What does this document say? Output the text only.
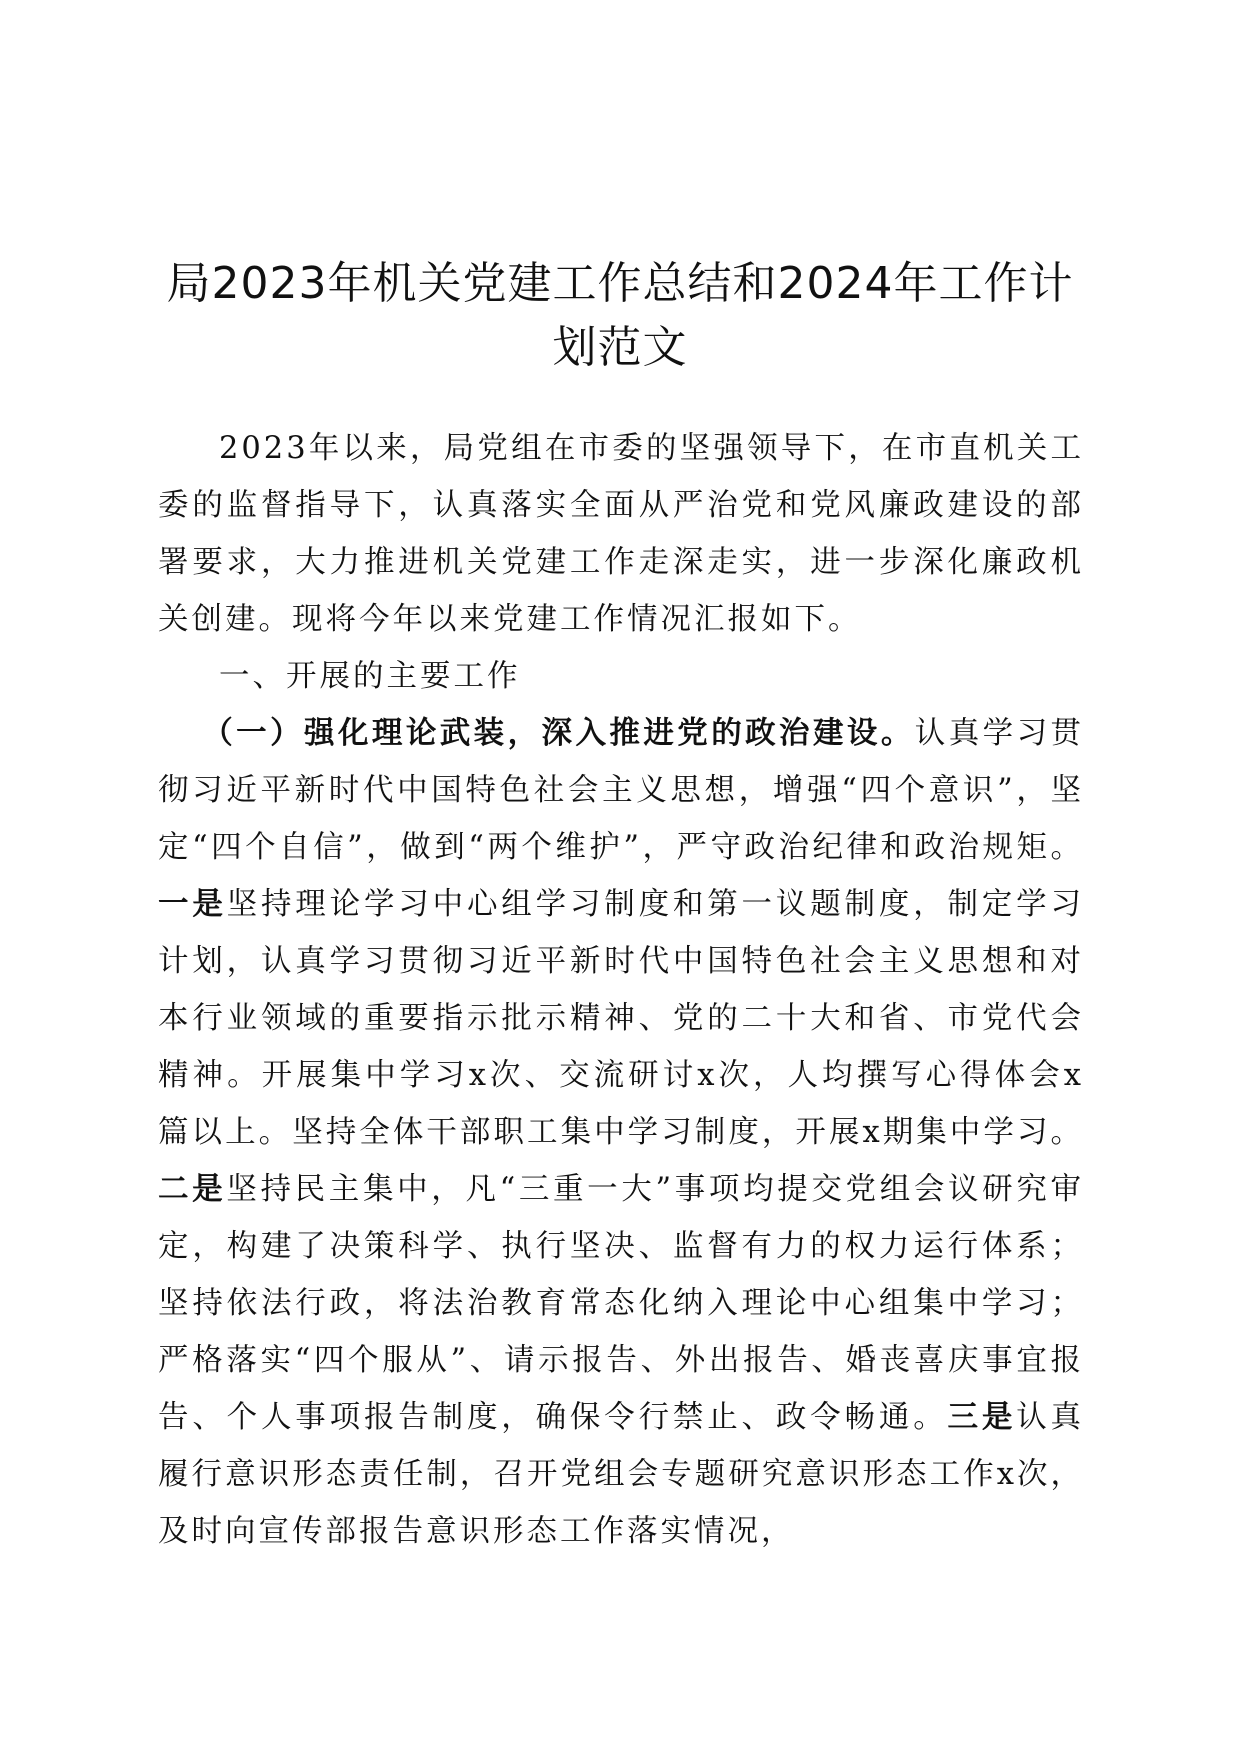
局2023年机关党建工作总结和2024年工作计划范文

2023年以来，局党组在市委的坚强领导下，在市直机关工委的监督指导下，认真落实全面从严治党和党风廉政建设的部署要求，大力推进机关党建工作走深走实，进一步深化廉政机关创建。现将今年以来党建工作情况汇报如下。

一、开展的主要工作

（一）强化理论武装，深入推进党的政治建设。认真学习贯彻习近平新时代中国特色社会主义思想，增强“四个意识”，坚定“四个自信”，做到“两个维护”，严守政治纪律和政治规矩。一是坚持理论学习中心组学习制度和第一议题制度，制定学习计划，认真学习贯彻习近平新时代中国特色社会主义思想和对本行业领域的重要指示批示精神、党的二十大和省、市党代会精神。开展集中学习x次、交流研讨x次，人均撰写心得体会x篇以上。坚持全体干部职工集中学习制度，开展x期集中学习。二是坚持民主集中，凡“三重一大”事项均提交党组会议研究审定，构建了决策科学、执行坚决、监督有力的权力运行体系；坚持依法行政，将法治教育常态化纳入理论中心组集中学习；严格落实“四个服从”、请示报告、外出报告、婚丧喜庆事宜报告、个人事项报告制度，确保令行禁止、政令畅通。三是认真履行意识形态责任制，召开党组会专题研究意识形态工作x次，及时向宣传部报告意识形态工作落实情况，
